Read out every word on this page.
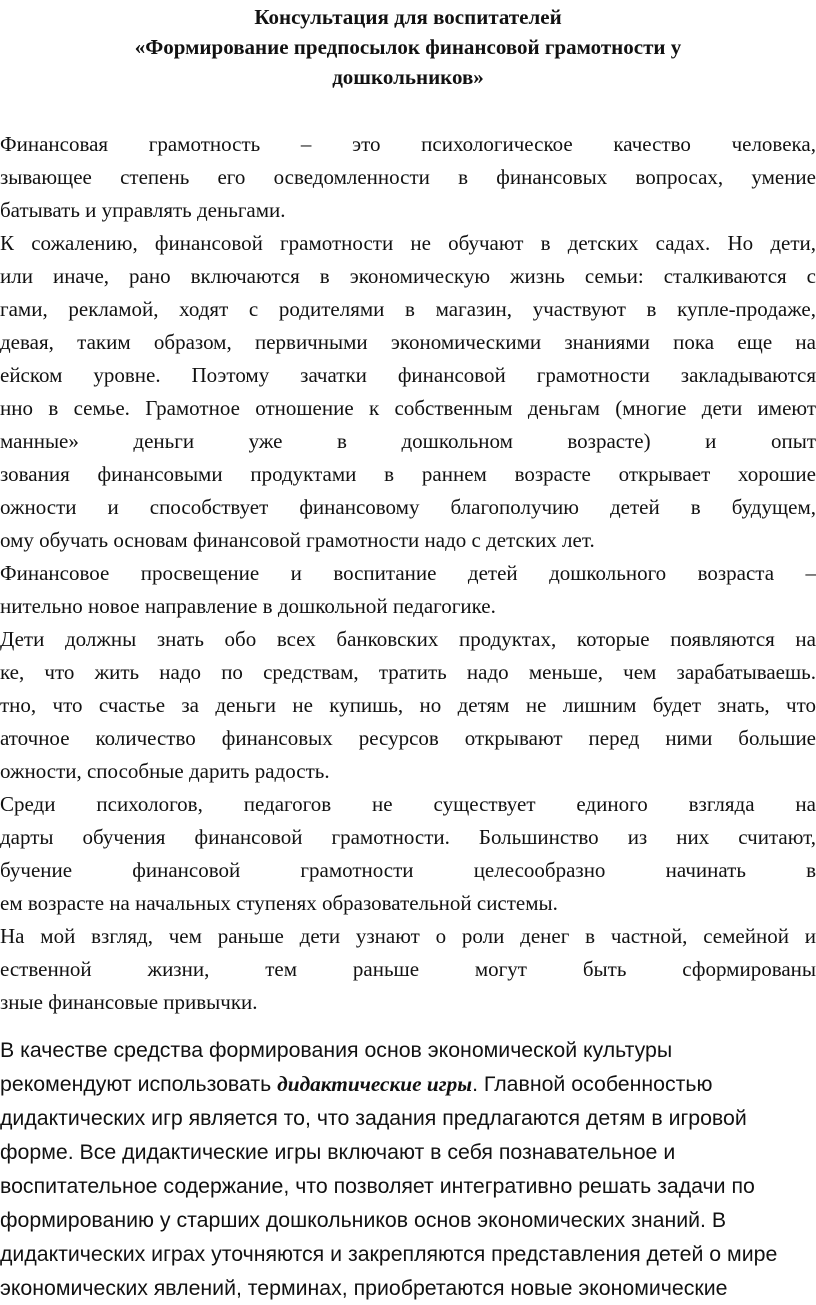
Консультация для воспитателей
«Формирование предпосылок финансовой грамотности у
дошкольников»
Финансовая грамотность – это психологическое качество человека,
зывающее степень его осведомленности в финансовых вопросах, умение
батывать и управлять деньгами.
К сожалению, финансовой грамотности не обучают в детских садах. Но дети,
или иначе, рано включаются в экономическую жизнь семьи: сталкиваются с
гами, рекламой, ходят с родителями в магазин, участвуют в купле-продаже,
девая, таким образом, первичными экономическими знаниями пока еще на
ейском уровне. Поэтому зачатки финансовой грамотности закладываются
нно в семье. Грамотное отношение к собственным деньгам (многие дети имеют
манные» деньги уже в дошкольном возрасте) и опыт
зования финансовыми продуктами в раннем возрасте открывает хорошие
ожности и способствует финансовому благополучию детей в будущем,
ому обучать основам финансовой грамотности надо с детских лет.
Финансовое просвещение и воспитание детей дошкольного возраста –
нительно новое направление в дошкольной педагогике.
Дети должны знать обо всех банковских продуктах, которые появляются на
ке, что жить надо по средствам, тратить надо меньше, чем зарабатываешь.
тно, что счастье за деньги не купишь, но детям не лишним будет знать, что
аточное количество финансовых ресурсов открывают перед ними большие
ожности, способные дарить радость.
Среди психологов, педагогов не существует единого взгляда на
дарты обучения финансовой грамотности. Большинство из них считают,
бучение финансовой грамотности целесообразно начинать в
ем возрасте на начальных ступенях образовательной системы.
На мой взгляд, чем раньше дети узнают о роли денег в частной, семейной и
ественной жизни, тем раньше могут быть сформированы
зные финансовые привычки.
В качестве средства формирования основ экономической культуры
рекомендуют использовать дидактические игры. Главной особенностью
дидактических игр является то, что задания предлагаются детям в игровой
форме. Все дидактические игры включают в себя познавательное и
воспитательное содержание, что позволяет интегративно решать задачи по
формированию у старших дошкольников основ экономических знаний. В
дидактических играх уточняются и закрепляются представления детей о мире
экономических явлений, терминах, приобретаются новые экономические
